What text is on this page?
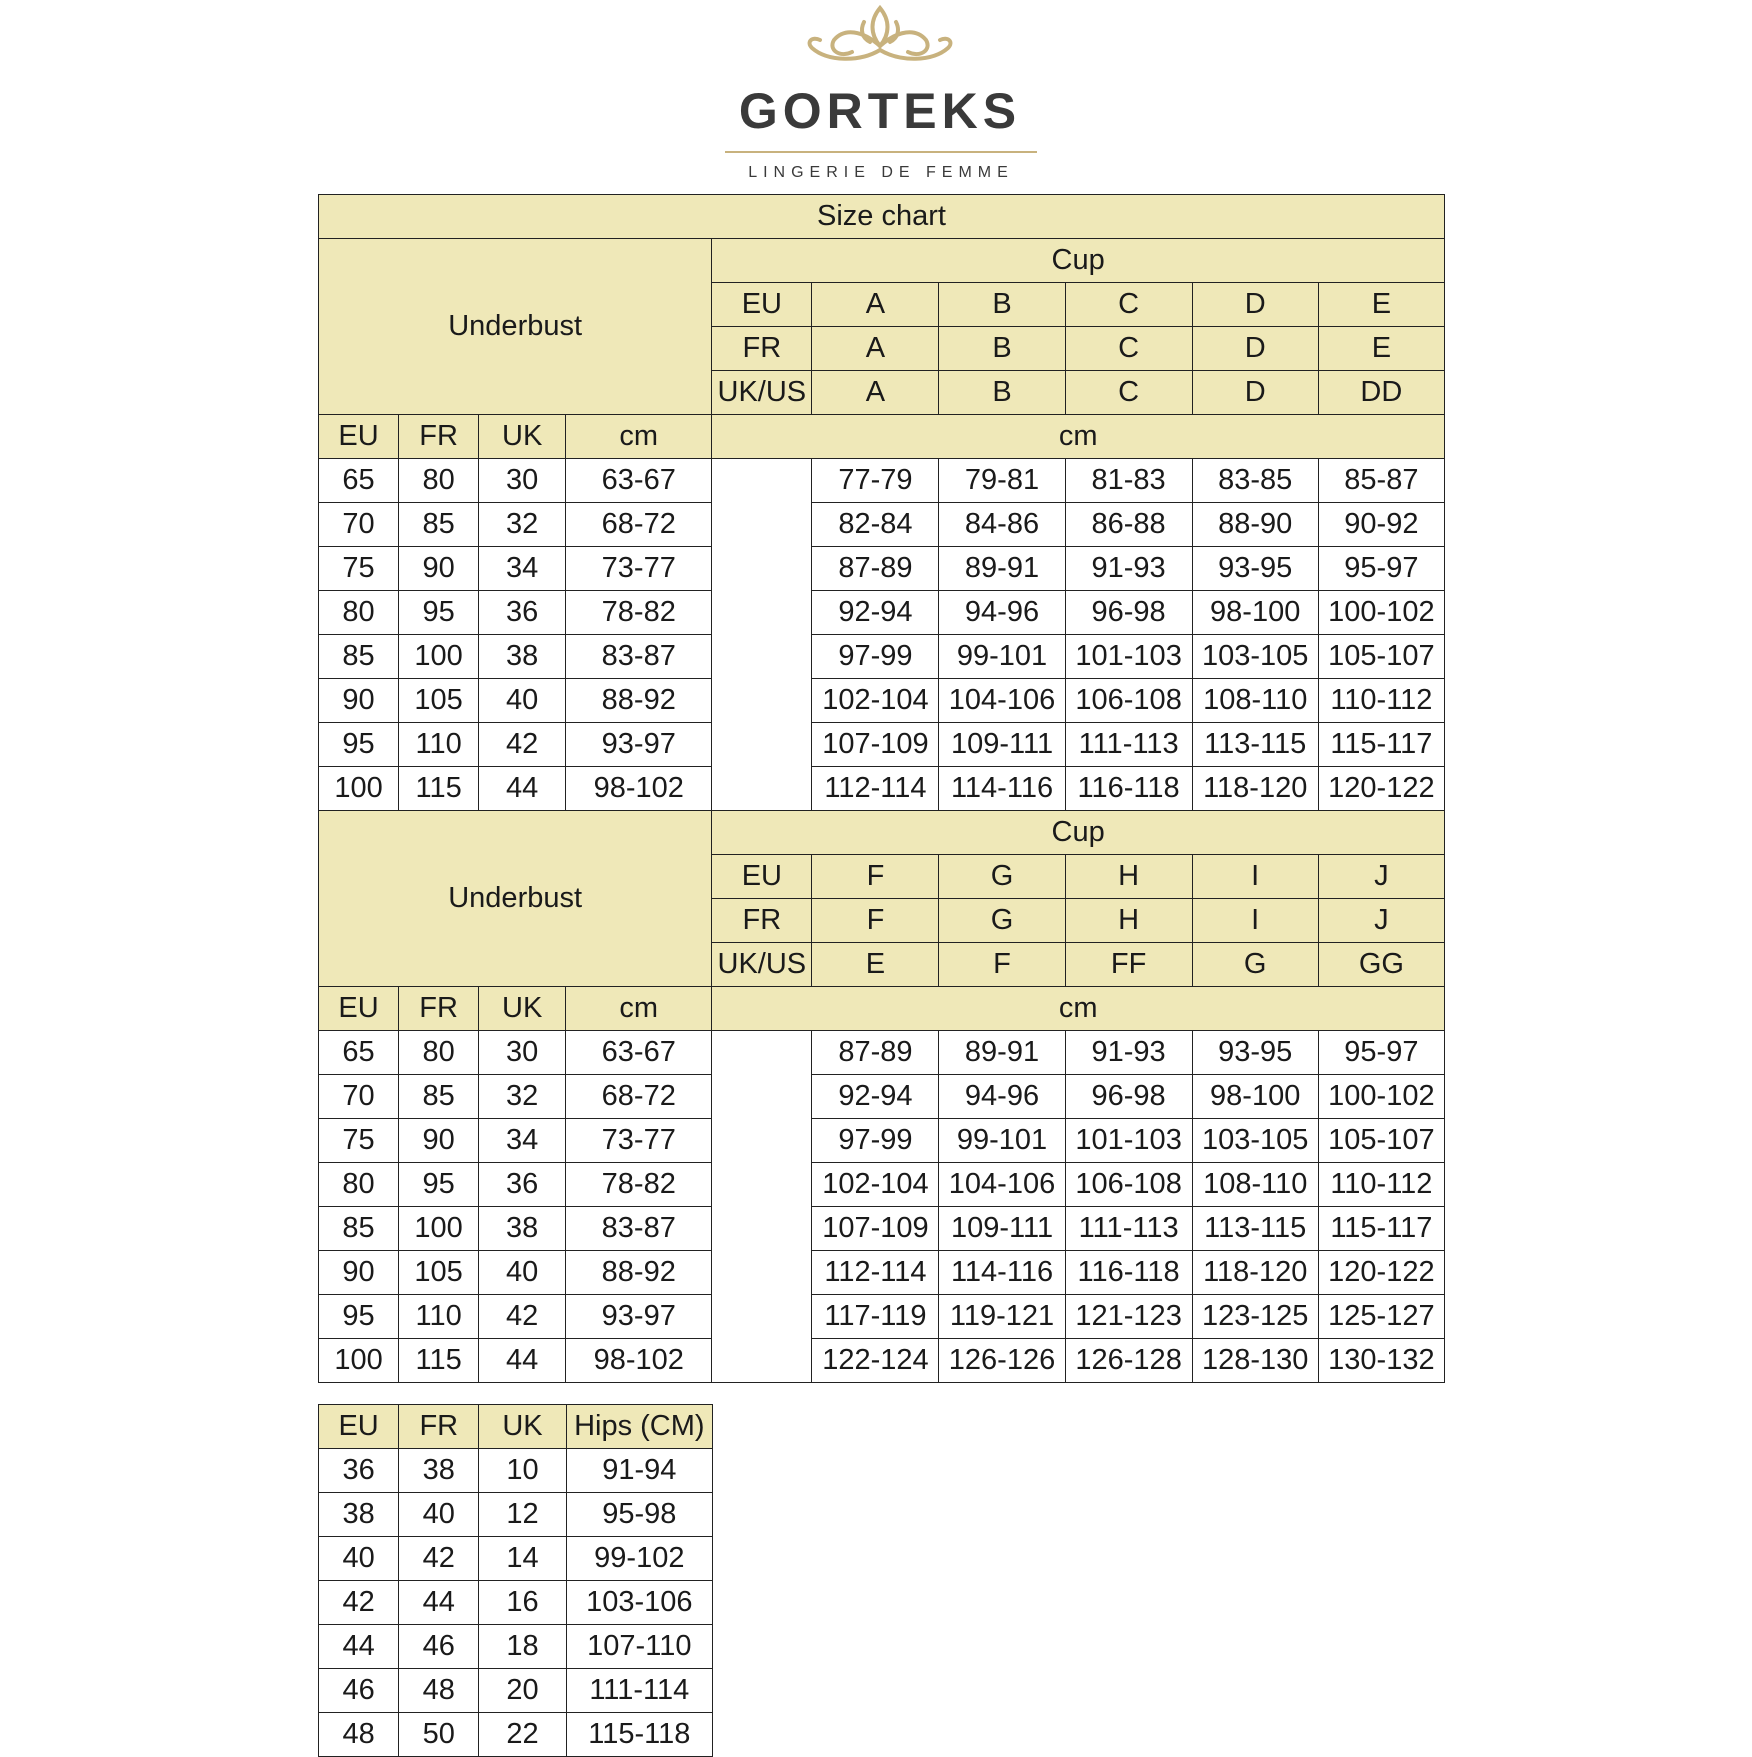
GORTEKS
LINGERIE DE FEMME
Size chart									
Underbust				Cup					
				EU	A	B	C	D	E
				FR	A	B	C	D	E
				UK/US	A	B	C	D	DD
EU	FR	UK	cm	cm					
65	80	30	63-67		77-79	79-81	81-83	83-85	85-87
70	85	32	68-72		82-84	84-86	86-88	88-90	90-92
75	90	34	73-77		87-89	89-91	91-93	93-95	95-97
80	95	36	78-82		92-94	94-96	96-98	98-100	100-102
85	100	38	83-87		97-99	99-101	101-103	103-105	105-107
90	105	40	88-92		102-104	104-106	106-108	108-110	110-112
95	110	42	93-97		107-109	109-111	111-113	113-115	115-117
100	115	44	98-102		112-114	114-116	116-118	118-120	120-122
Underbust				Cup					
				EU	F	G	H	I	J
				FR	F	G	H	I	J
				UK/US	E	F	FF	G	GG
EU	FR	UK	cm	cm					
65	80	30	63-67		87-89	89-91	91-93	93-95	95-97
70	85	32	68-72		92-94	94-96	96-98	98-100	100-102
75	90	34	73-77		97-99	99-101	101-103	103-105	105-107
80	95	36	78-82		102-104	104-106	106-108	108-110	110-112
85	100	38	83-87		107-109	109-111	111-113	113-115	115-117
90	105	40	88-92		112-114	114-116	116-118	118-120	120-122
95	110	42	93-97		117-119	119-121	121-123	123-125	125-127
100	115	44	98-102		122-124	126-126	126-128	128-130	130-132
EU	FR	UK	Hips (CM)
36	38	10	91-94
38	40	12	95-98
40	42	14	99-102
42	44	16	103-106
44	46	18	107-110
46	48	20	111-114
48	50	22	115-118
